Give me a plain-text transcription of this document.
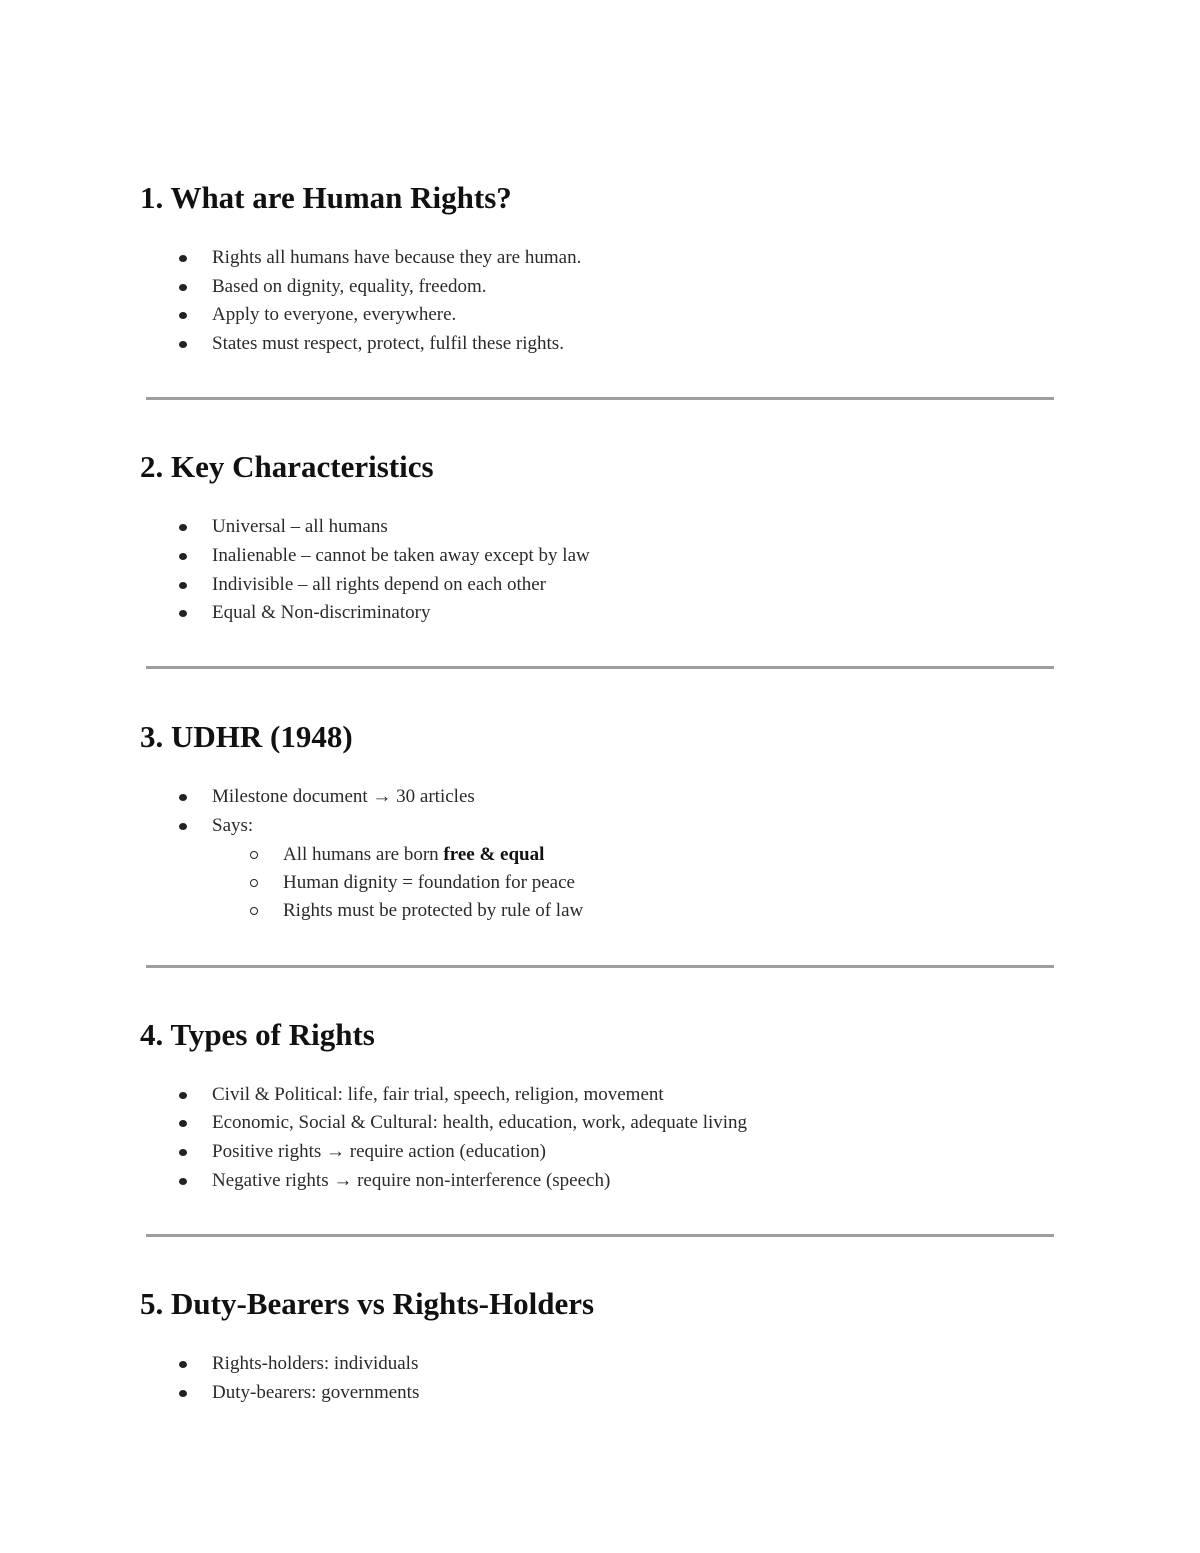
1. What are Human Rights?
Rights all humans have because they are human.
Based on dignity, equality, freedom.
Apply to everyone, everywhere.
States must respect, protect, fulfil these rights.
2. Key Characteristics
Universal – all humans
Inalienable – cannot be taken away except by law
Indivisible – all rights depend on each other
Equal & Non-discriminatory
3. UDHR (1948)
Milestone document → 30 articles
Says:
All humans are born free & equal
Human dignity = foundation for peace
Rights must be protected by rule of law
4. Types of Rights
Civil & Political: life, fair trial, speech, religion, movement
Economic, Social & Cultural: health, education, work, adequate living
Positive rights → require action (education)
Negative rights → require non-interference (speech)
5. Duty-Bearers vs Rights-Holders
Rights-holders: individuals
Duty-bearers: governments
